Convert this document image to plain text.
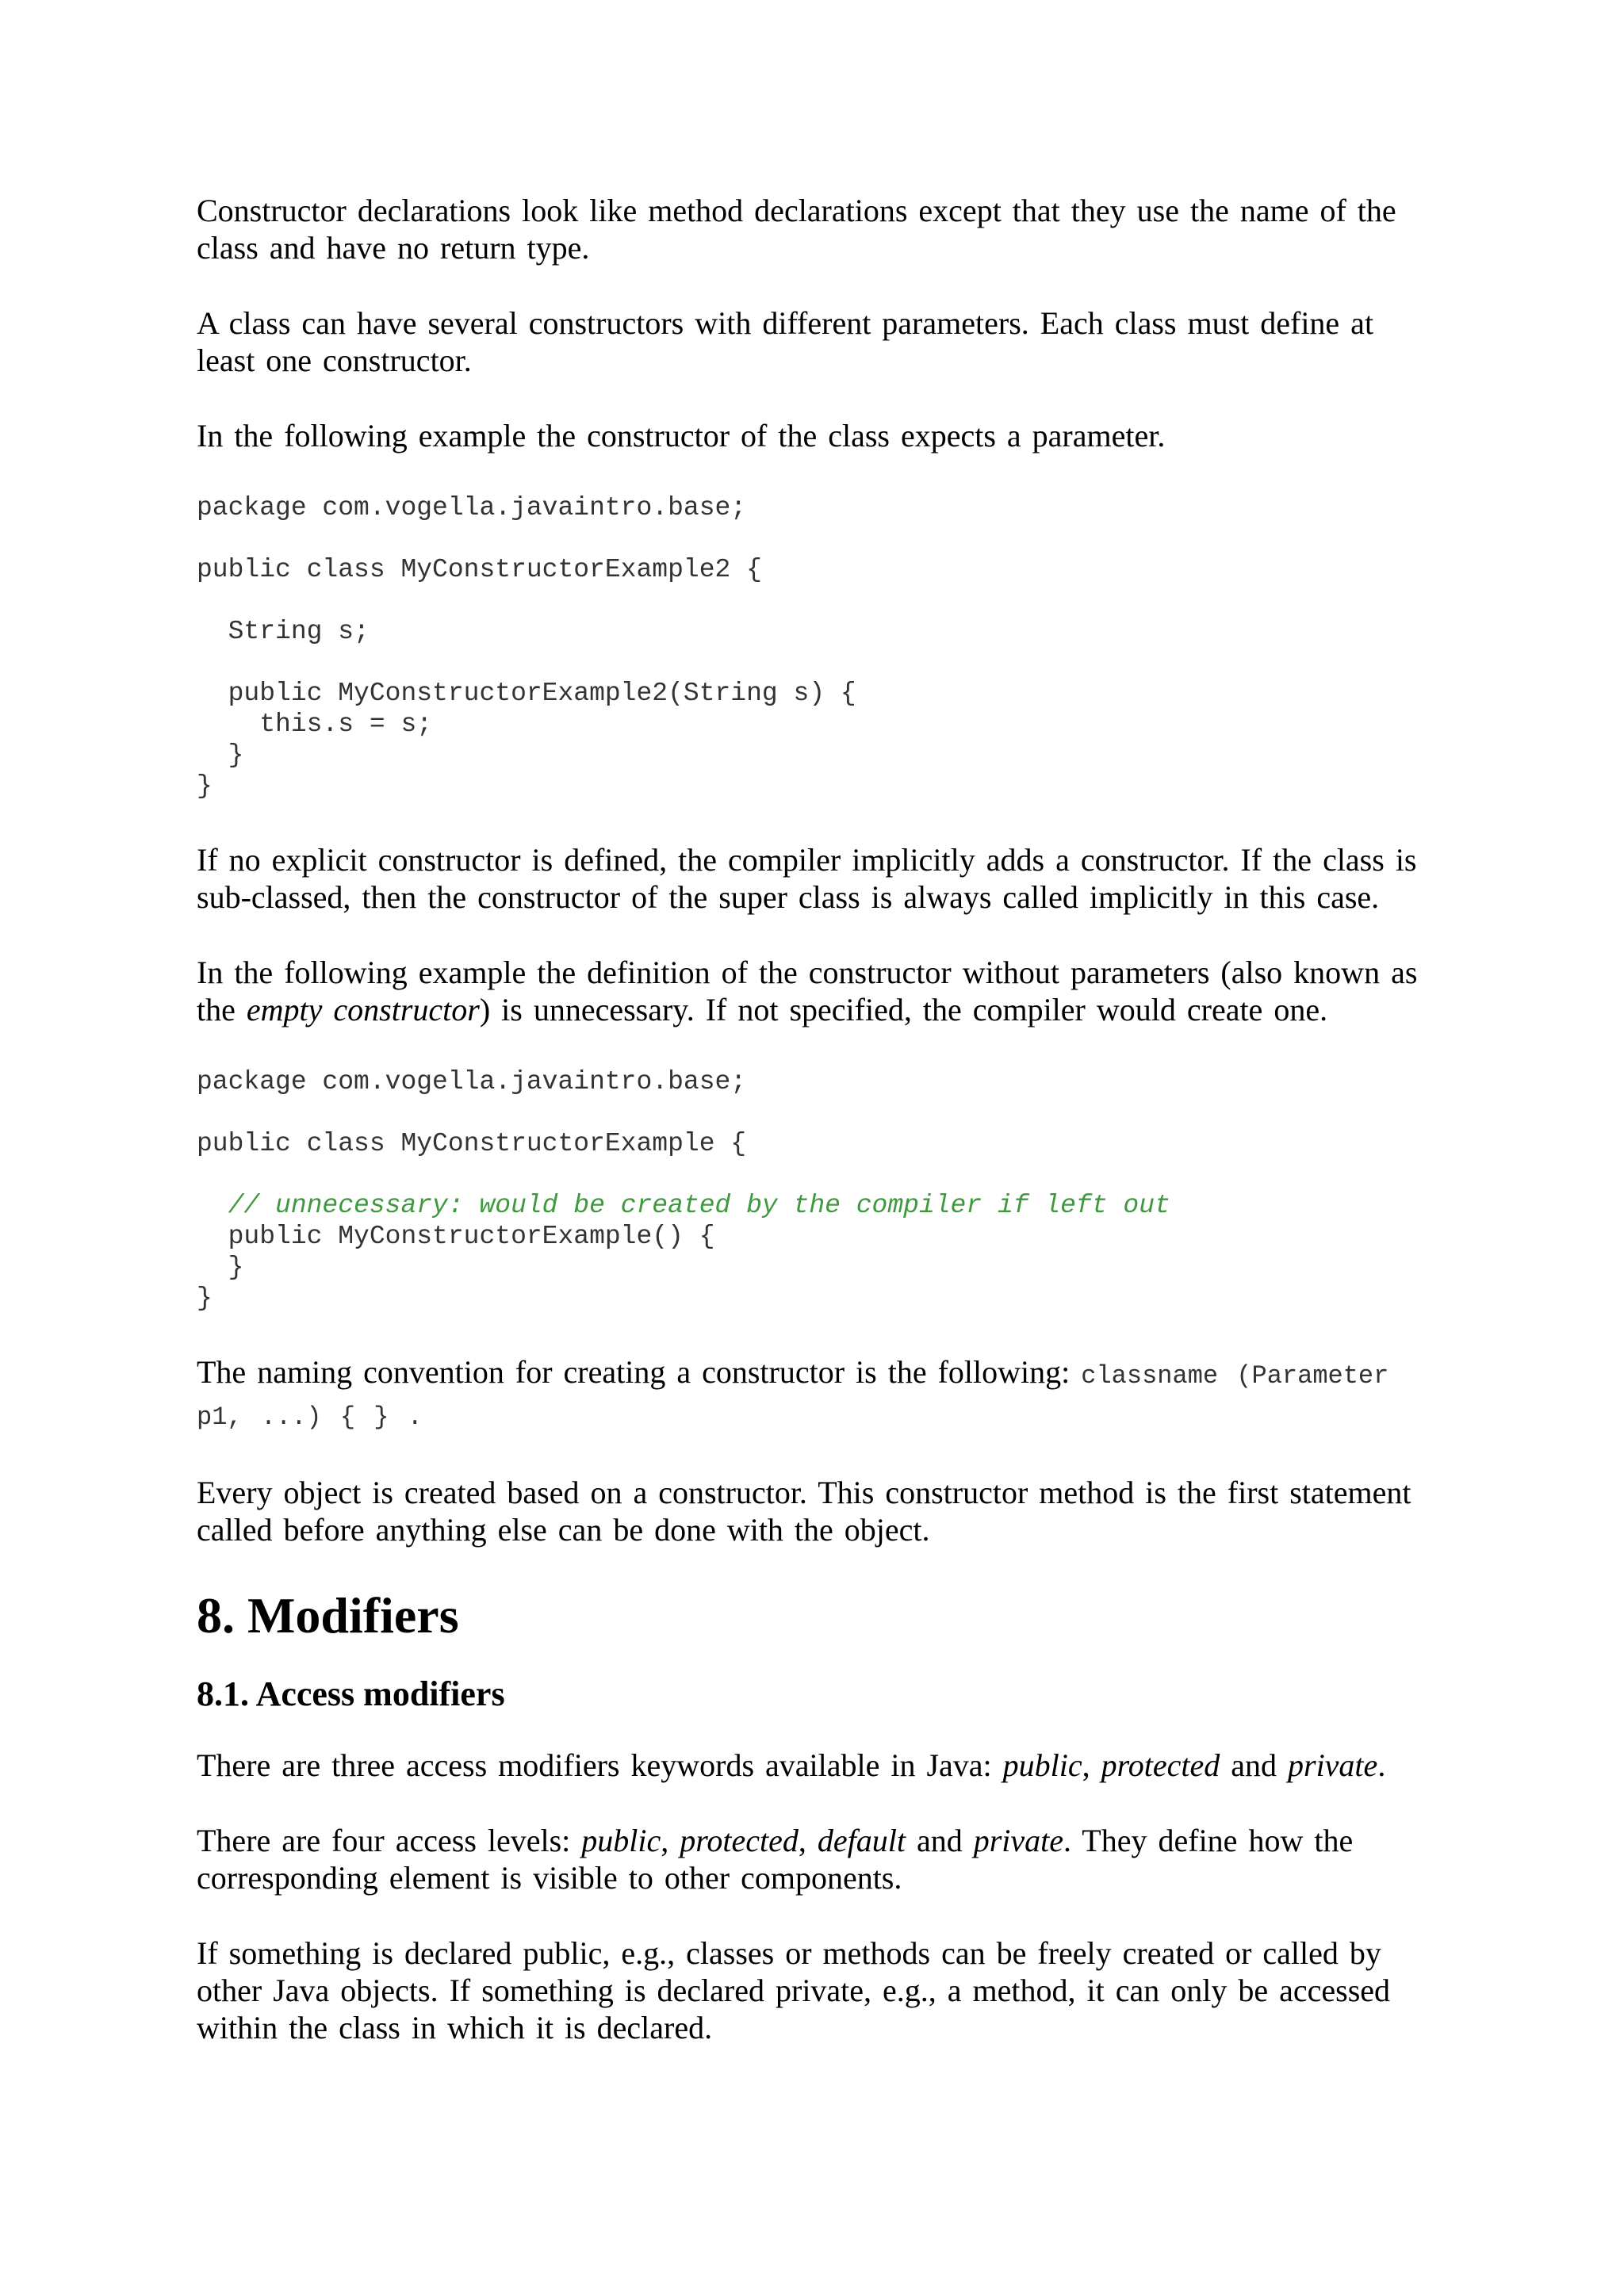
Constructor declarations look like method declarations except that they use the name of the class and have no return type.

A class can have several constructors with different parameters. Each class must define at least one constructor.

In the following example the constructor of the class expects a parameter.

package com.vogella.javaintro.base;
public class MyConstructorExample2 {
String s;
public MyConstructorExample2(String s) {
this.s = s;
}
}

If no explicit constructor is defined, the compiler implicitly adds a constructor. If the class is sub-classed, then the constructor of the super class is always called implicitly in this case.

In the following example the definition of the constructor without parameters (also known as the empty constructor) is unnecessary. If not specified, the compiler would create one.

package com.vogella.javaintro.base;
public class MyConstructorExample {
// unnecessary: would be created by the compiler if left out
public MyConstructorExample() {
}
}

The naming convention for creating a constructor is the following: classname (Parameter p1, ...) { } .

Every object is created based on a constructor. This constructor method is the first statement called before anything else can be done with the object.

8. Modifiers
8.1. Access modifiers

There are three access modifiers keywords available in Java: public, protected and private.

There are four access levels: public, protected, default and private. They define how the corresponding element is visible to other components.

If something is declared public, e.g., classes or methods can be freely created or called by other Java objects. If something is declared private, e.g., a method, it can only be accessed within the class in which it is declared.
